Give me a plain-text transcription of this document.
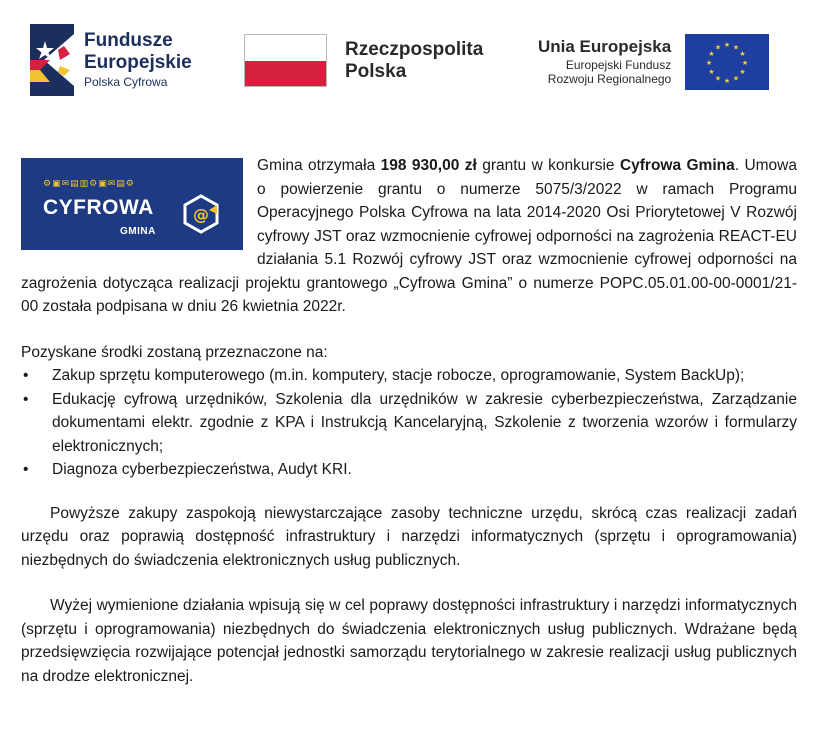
Fundusze
Europejskie
Polska Cyfrowa
Rzeczpospolita
Polska
Unia Europejska
Europejski Fundusz
Rozwoju Regionalnego
★ ★
★
★
★
★
★
★
★
★
★
★
⚙▣✉▤▥⚙▣✉▤⚙
CYFROWA
GMINA
@

Gmina otrzymała 198 930,00 zł grantu w konkursie Cyfrowa Gmina. Umowa o powierzenie grantu o numerze 5075/3/2022 w ramach Programu Operacyjnego Polska Cyfrowa na lata 2014-2020 Osi Priorytetowej V Rozwój cyfrowy JST oraz wzmocnienie cyfrowej odporności na zagrożenia REACT-EU działania 5.1 Rozwój cyfrowy JST oraz wzmocnienie cyfrowej odporności na zagrożenia dotycząca realizacji projektu grantowego „Cyfrowa Gmina” o numerze POPC.05.01.00-00-0001/21-00 została podpisana w dniu 26 kwietnia 2022r.

Pozyskane środki zostaną przeznaczone na:

• Zakup sprzętu komputerowego (m.in. komputery, stacje robocze, oprogramowanie, System BackUp);
• Edukację cyfrową urzędników, Szkolenia dla urzędników w zakresie cyberbezpieczeństwa, Zarządzanie dokumentami elektr. zgodnie z KPA i Instrukcją Kancelaryjną, Szkolenie z tworzenia wzorów i formularzy elektronicznych;
• Diagnoza cyberbezpieczeństwa, Audyt KRI.

Powyższe zakupy zaspokoją niewystarczające zasoby techniczne urzędu, skrócą czas realizacji zadań urzędu oraz poprawią dostępność infrastruktury i narzędzi informatycznych (sprzętu i oprogramowania) niezbędnych do świadczenia elektronicznych usług publicznych.

Wyżej wymienione działania wpisują się w cel poprawy dostępności infrastruktury i narzędzi informatycznych (sprzętu i oprogramowania) niezbędnych do świadczenia elektronicznych usług publicznych. Wdrażane będą przedsięwzięcia rozwijające potencjał jednostki samorządu terytorialnego w zakresie realizacji usług publicznych na drodze elektronicznej.
